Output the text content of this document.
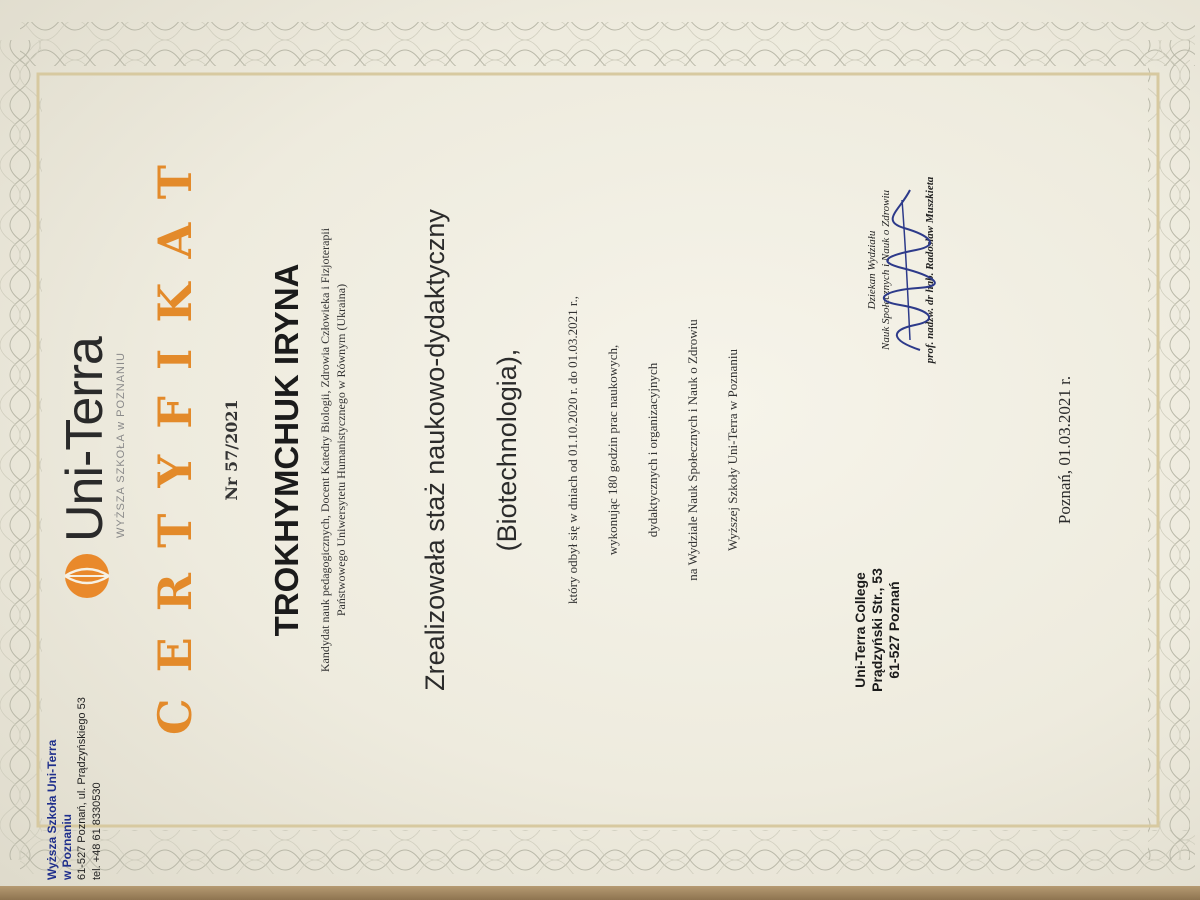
Wyższa Szkoła Uni-Terra w Poznaniu 61-527 Poznań, ul. Prądzyńskiego 53 tel. +48 61 8330530
Uni-Terra WYŻSZA SZKOŁA w POZNANIU CERTYFIKAT Nr 57/2021 TROKHYMCHUK IRYNA Kandydat nauk pedagogicznych, Docent Katedry Biologii, Zdrowia Człowieka i Fizjoterapii Państwowego Uniwersytetu Humanistycznego w Równym (Ukraina)	Zrealizowała staż naukowo-dydaktyczny (Biotechnologia),	który odbył się w dniach od 01.10.2020 r. do 01.03.2021 r., wykonując 180 godzin prac naukowych, dydaktycznych i organizacyjnych na Wydziale Nauk Społecznych i Nauk o Zdrowiu Wyższej Szkoły Uni-Terra w Poznaniu
Uni-Terra College Prądzyński Str., 53 61-527 Poznań
Dziekan Wydziału Nauk Społecznych i Nauk o Zdrowiu	prof. nadzw. dr hab. Radosław Muszkieta
Poznań, 01.03.2021 r.
